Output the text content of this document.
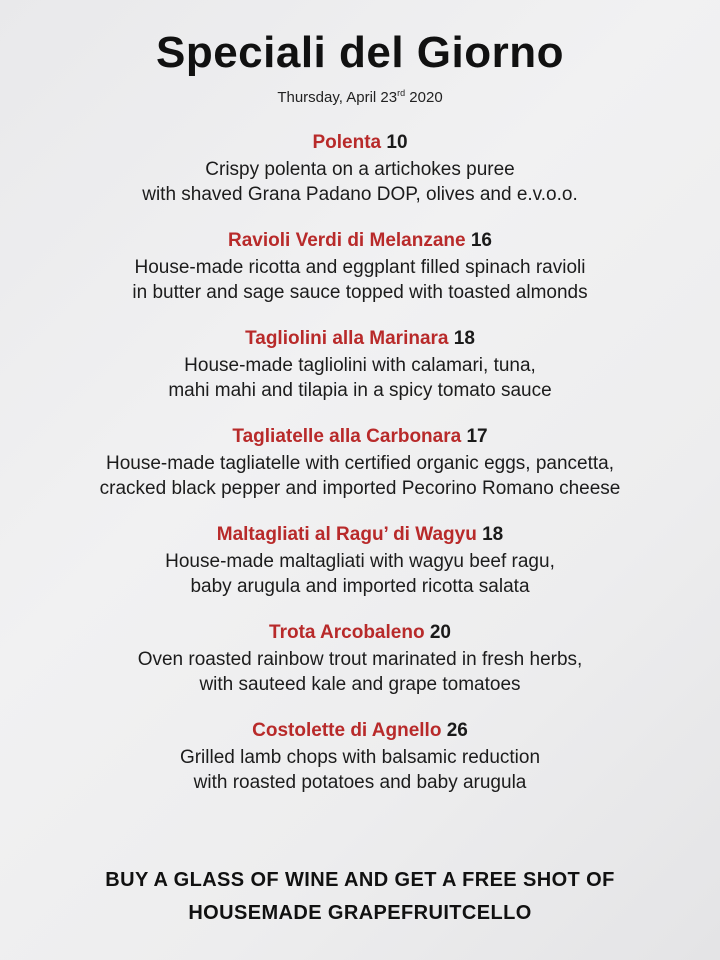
Speciali del Giorno
Thursday, April 23rd 2020
Polenta 10
Crispy polenta on a artichokes puree
with shaved Grana Padano DOP, olives and e.v.o.o.
Ravioli Verdi di Melanzane 16
House-made ricotta and eggplant filled spinach ravioli
in butter and sage sauce topped with toasted almonds
Tagliolini alla Marinara 18
House-made tagliolini with calamari, tuna,
mahi mahi and tilapia in a spicy tomato sauce
Tagliatelle alla Carbonara 17
House-made tagliatelle with certified organic eggs, pancetta,
cracked black pepper and imported Pecorino Romano cheese
Maltagliati al Ragu’ di Wagyu 18
House-made maltagliati with wagyu beef ragu,
baby arugula and imported ricotta salata
Trota Arcobaleno 20
Oven roasted rainbow trout marinated in fresh herbs,
with sauteed kale and grape tomatoes
Costolette di Agnello 26
Grilled lamb chops with balsamic reduction
with roasted potatoes and baby arugula
BUY A GLASS OF WINE AND GET A FREE SHOT OF
HOUSEMADE GRAPEFRUITCELLO
